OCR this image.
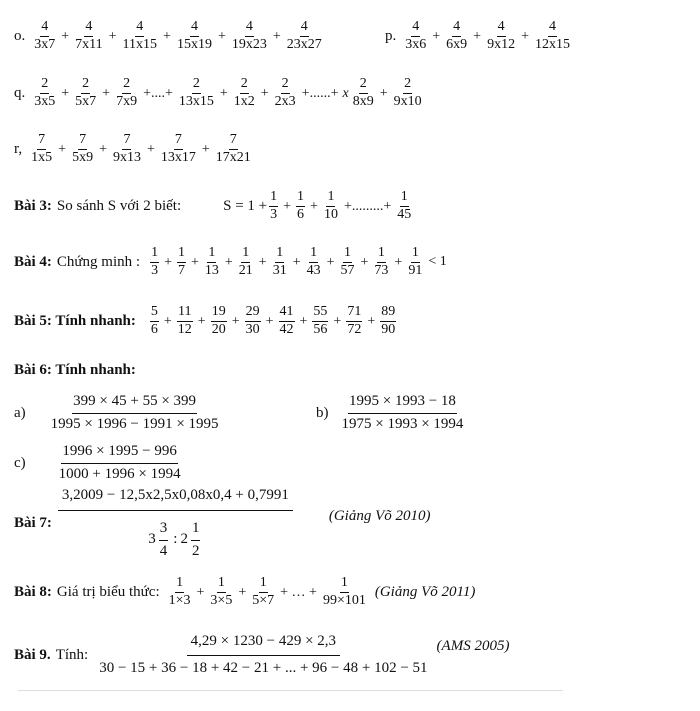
o. $\frac{4}{3x7} + \frac{4}{7x11} + \frac{4}{11x15} + \frac{4}{15x19} + \frac{4}{19x23} + \frac{4}{23x27}$	p. $\frac{4}{3x6} + \frac{4}{6x9} + \frac{4}{9x12} + \frac{4}{12x15}$
q. $\frac{2}{3x5} + \frac{2}{5x7} + \frac{2}{7x9}$ +....+ $\frac{2}{13x15} + \frac{2}{1x2} + \frac{2}{2x3}$ +......+ x $\frac{2}{8x9} + \frac{2}{9x10}$
r, $\frac{7}{1x5} + \frac{7}{5x9} + \frac{7}{9x13} + \frac{7}{13x17} + \frac{7}{17x21}$
Bài 3: So sánh S với 2 biết:	$S = 1 + \frac{1}{3} + \frac{1}{6} + \frac{1}{10}$ +.........+ $\frac{1}{45}$
Bài 4: Chứng minh : $\frac{1}{3} + \frac{1}{7} + \frac{1}{13} + \frac{1}{21} + \frac{1}{31} + \frac{1}{43} + \frac{1}{57} + \frac{1}{73} + \frac{1}{91} < 1$
Bài 5: Tính nhanh: $\frac{5}{6} + \frac{11}{12} + \frac{19}{20} + \frac{29}{30} + \frac{41}{42} + \frac{55}{56} + \frac{71}{72} + \frac{89}{90}$
Bài 6: Tính nhanh:
$a) \frac{399 \times 45 + 55 \times 399}{1995 \times 1996 - 1991 \times 1995}$	$b) \frac{1995 \times 1993 - 18}{1975 \times 1993 \times 1994}$
$c) \frac{1996 \times 1995 - 996}{1000 + 1996 \times 1994}$
Bài 7:
3,2009 − 12,5x2,5x0,08x0,4 + 0,7991
$3 \frac{3}{4}$ : $2 \frac{1}{2}$
(Giảng Võ 2010)
Bài 8: Giá trị biểu thức: $\frac{1}{1\times 3} + \frac{1}{3\times 5} + \frac{1}{5\times 7}$ + … + $\frac{1}{99\times 101}$ (Giảng Võ 2011)
Bài 9. Tính: $\frac{4,29 \times 1230 - 429 \times 2,3}{30 - 15 + 36 - 18 + 42 - 21 + ... + 96 - 48 + 102 - 51} (AMS$ 2005)
